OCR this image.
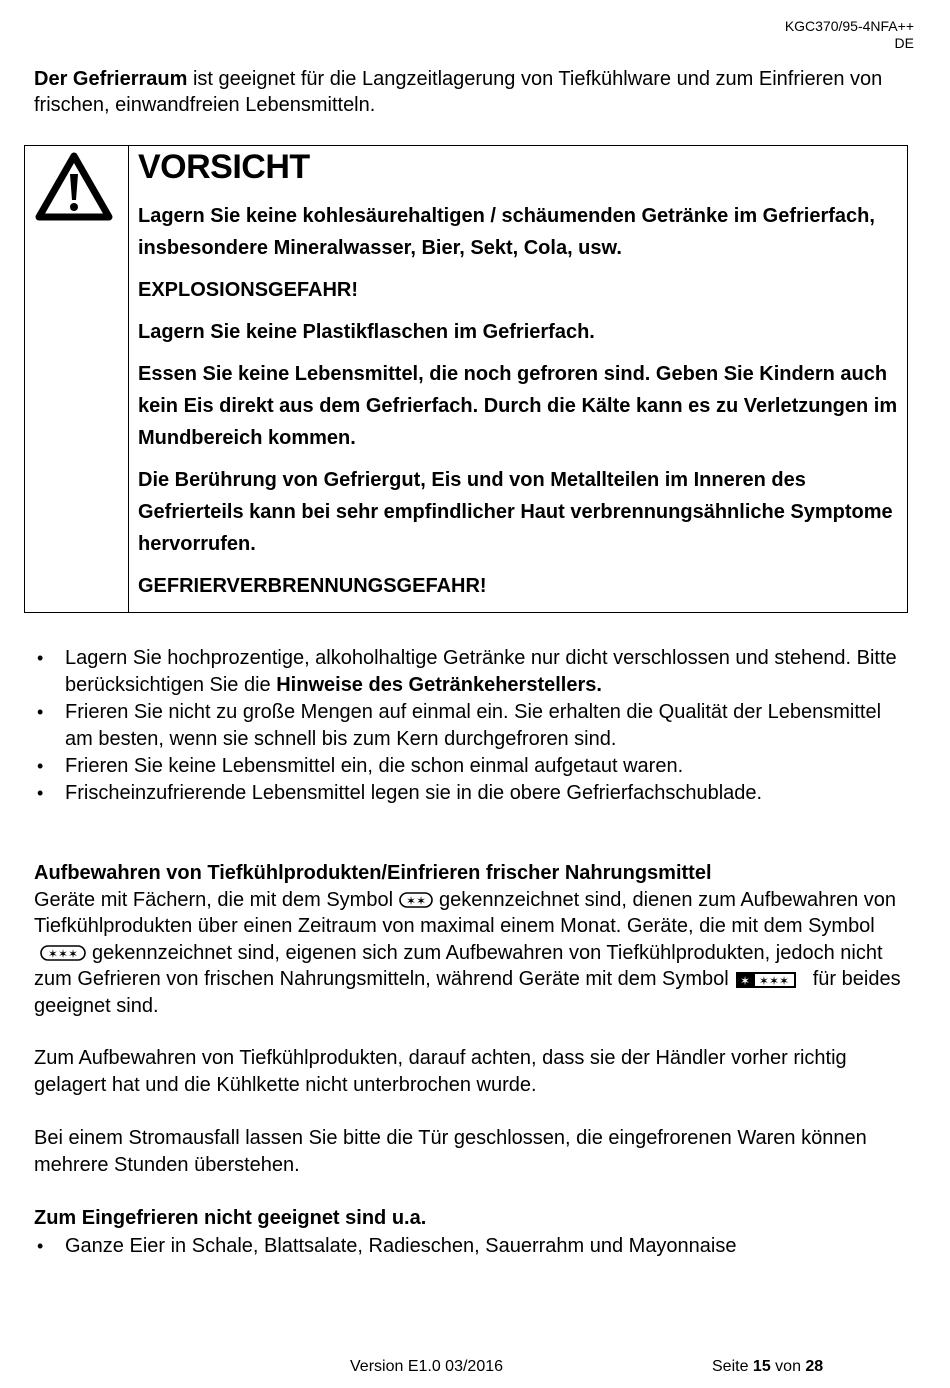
KGC370/95-4NFA++
DE

Der Gefrierraum ist geeignet für die Langzeitlagerung von Tiefkühlware und zum Einfrieren von frischen, einwandfreien Lebensmitteln.

VORSICHT

Lagern Sie keine kohlesäurehaltigen / schäumenden Getränke im Gefrierfach, insbesondere Mineralwasser, Bier, Sekt, Cola, usw.

EXPLOSIONSGEFAHR!

Lagern Sie keine Plastikflaschen im Gefrierfach.

Essen Sie keine Lebensmittel, die noch gefroren sind. Geben Sie Kindern auch kein Eis direkt aus dem Gefrierfach. Durch die Kälte kann es zu Verletzungen im Mundbereich kommen.

Die Berührung von Gefriergut, Eis und von Metallteilen im Inneren des Gefrierteils kann bei sehr empfindlicher Haut verbrennungsähnliche Symptome hervorrufen.

GEFRIERVERBRENNUNGSGEFAHR!

• Lagern Sie hochprozentige, alkoholhaltige Getränke nur dicht verschlossen und stehend. Bitte berücksichtigen Sie die Hinweise des Getränkeherstellers.
• Frieren Sie nicht zu große Mengen auf einmal ein. Sie erhalten die Qualität der Lebensmittel am besten, wenn sie schnell bis zum Kern durchgefroren sind.
• Frieren Sie keine Lebensmittel ein, die schon einmal aufgetaut waren.
• Frischeinzufrierende Lebensmittel legen sie in die obere Gefrierfachschublade.
Aufbewahren von Tiefkühlprodukten/Einfrieren frischer Nahrungsmittel
Geräte mit Fächern, die mit dem Symbol ✶✶ gekennzeichnet sind, dienen zum Aufbewahren von Tiefkühlprodukten über einen Zeitraum von maximal einem Monat. Geräte, die mit dem Symbol
✶✶✶ gekennzeichnet sind, eigenen sich zum Aufbewahren von Tiefkühlprodukten, jedoch nicht zum Gefrieren von frischen Nahrungsmitteln, während Geräte mit dem Symbol ✶ ✶✶✶ für beides geeignet sind.
Zum Aufbewahren von Tiefkühlprodukten, darauf achten, dass sie der Händler vorher richtig gelagert hat und die Kühlkette nicht unterbrochen wurde.
Bei einem Stromausfall lassen Sie bitte die Tür geschlossen, die eingefrorenen Waren können mehrere Stunden überstehen.
Zum Eingefrieren nicht geeignet sind u.a.
• Ganze Eier in Schale, Blattsalate, Radieschen, Sauerrahm und Mayonnaise
Version E1.0 03/2016	Seite 15 von 28
